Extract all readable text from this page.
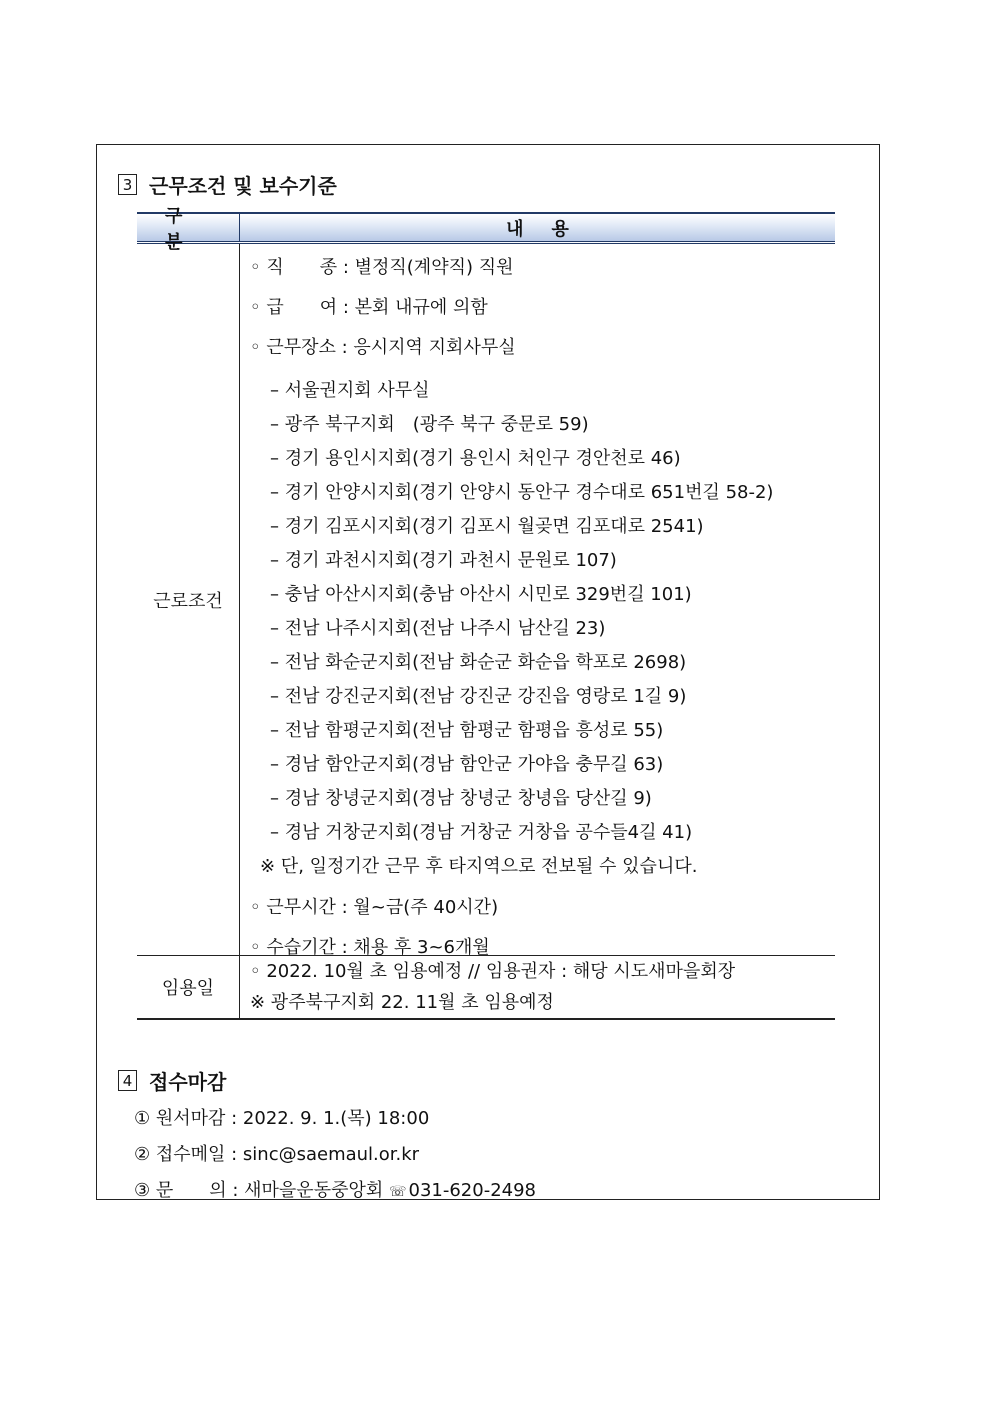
3 근무조건 및 보수기준
구분
내용
근로조건
◦ 직　　종 : 별정직(계약직) 직원
◦ 급　　여 : 본회 내규에 의함
◦ 근무장소 : 응시지역 지회사무실
– 서울권지회 사무실
– 광주 북구지회　(광주 북구 중문로 59)
– 경기 용인시지회(경기 용인시 처인구 경안천로 46)
– 경기 안양시지회(경기 안양시 동안구 경수대로 651번길 58-2)
– 경기 김포시지회(경기 김포시 월곶면 김포대로 2541)
– 경기 과천시지회(경기 과천시 문원로 107)
– 충남 아산시지회(충남 아산시 시민로 329번길 101)
– 전남 나주시지회(전남 나주시 남산길 23)
– 전남 화순군지회(전남 화순군 화순읍 학포로 2698)
– 전남 강진군지회(전남 강진군 강진읍 영랑로 1길 9)
– 전남 함평군지회(전남 함평군 함평읍 흥성로 55)
– 경남 함안군지회(경남 함안군 가야읍 충무길 63)
– 경남 창녕군지회(경남 창녕군 창녕읍 당산길 9)
– 경남 거창군지회(경남 거창군 거창읍 공수들4길 41)
※ 단, 일정기간 근무 후 타지역으로 전보될 수 있습니다.
◦ 근무시간 : 월~금(주 40시간)
◦ 수습기간 : 채용 후 3~6개월
임용일
◦ 2022. 10월 초 임용예정 // 임용권자 : 해당 시도새마을회장
※ 광주북구지회 22. 11월 초 임용예정
4 접수마감
① 원서마감 : 2022. 9. 1.(목) 18:00
② 접수메일 : sinc@saemaul.or.kr
③ 문　　의 : 새마을운동중앙회 ☏ 031-620-2498
